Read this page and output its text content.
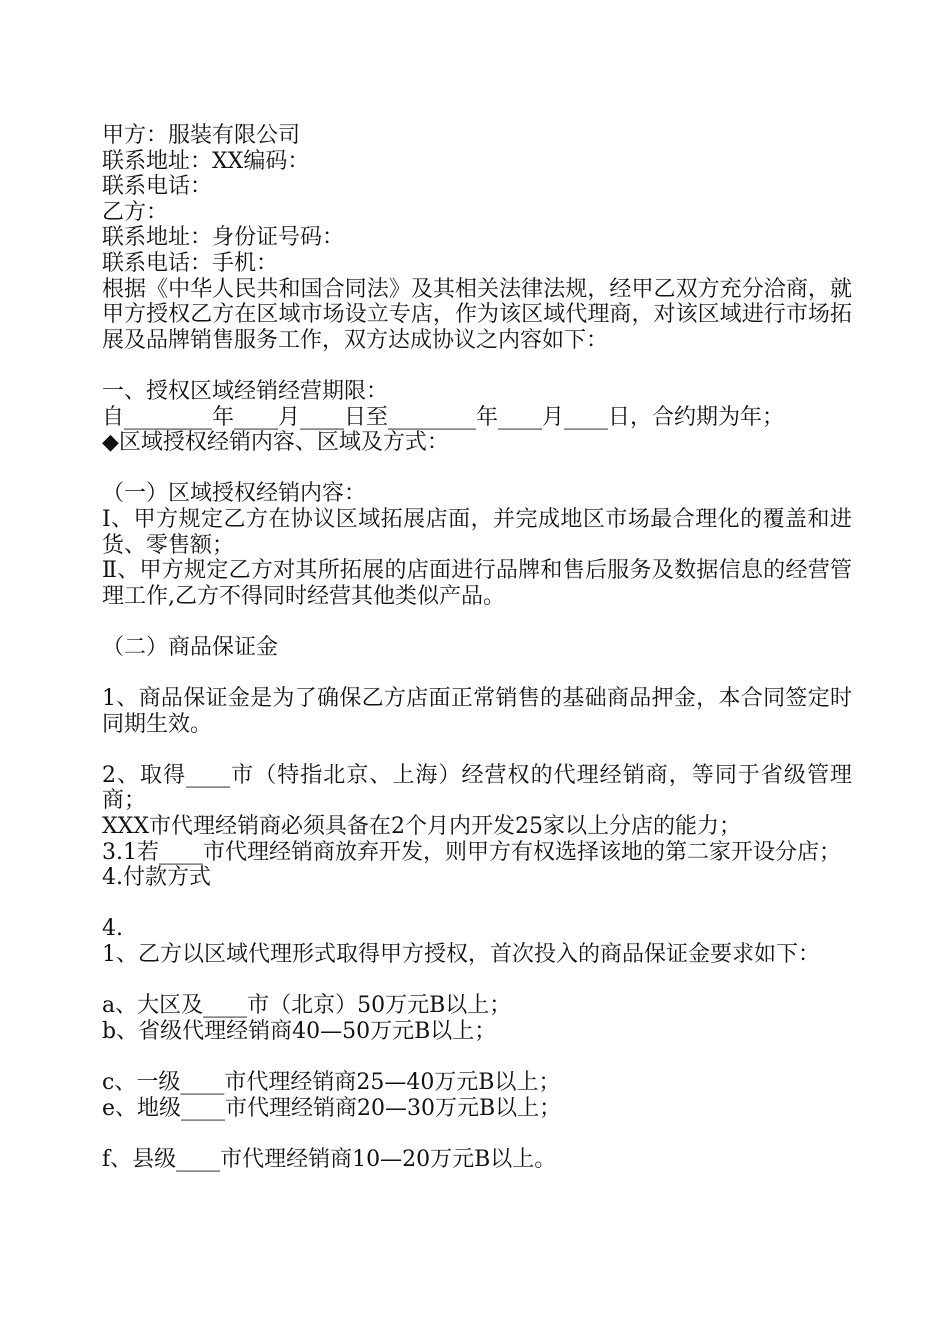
甲方：服装有限公司
联系地址：XX编码：
联系电话：
乙方：
联系地址：身份证号码：
联系电话：手机：
根据《中华人民共和国合同法》及其相关法律法规，经甲乙双方充分洽商，就甲方授权乙方在区域市场设立专店，作为该区域代理商，对该区域进行市场拓展及品牌销售服务工作，双方达成协议之内容如下：
一、授权区域经销经营期限：
自________年____月____日至________年____月____日，合约期为年；
◆区域授权经销内容、区域及方式：
（一）区域授权经销内容：
Ⅰ、甲方规定乙方在协议区域拓展店面，并完成地区市场最合理化的覆盖和进货、零售额；
Ⅱ、甲方规定乙方对其所拓展的店面进行品牌和售后服务及数据信息的经营管理工作,乙方不得同时经营其他类似产品。
（二）商品保证金
1、商品保证金是为了确保乙方店面正常销售的基础商品押金，本合同签定时同期生效。
2、取得____市（特指北京、上海）经营权的代理经销商，等同于省级管理商；
XXX市代理经销商必须具备在2个月内开发25家以上分店的能力；
3.1若____市代理经销商放弃开发，则甲方有权选择该地的第二家开设分店；
4.付款方式
4.
1、乙方以区域代理形式取得甲方授权，首次投入的商品保证金要求如下：
a、大区及____市（北京）50万元B以上；
b、省级代理经销商40—50万元B以上；
c、一级____市代理经销商25—40万元B以上；
e、地级____市代理经销商20—30万元B以上；
f、县级____市代理经销商10—20万元B以上。
